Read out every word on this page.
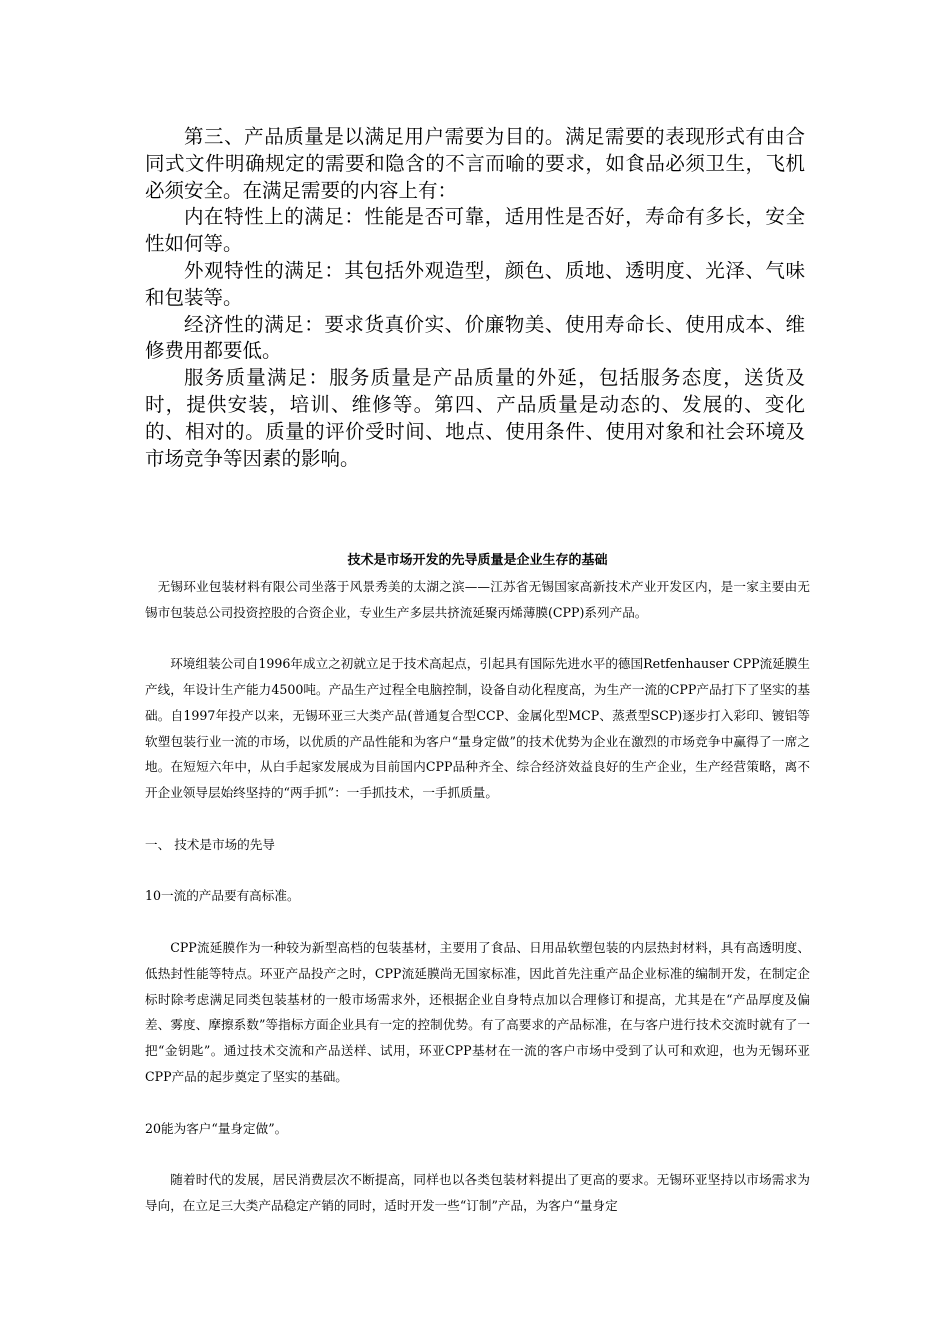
第三、产品质量是以满足用户需要为目的。满足需要的表现形式有由合同式文件明确规定的需要和隐含的不言而喻的要求，如食品必须卫生，飞机必须安全。在满足需要的内容上有：

内在特性上的满足：性能是否可靠，适用性是否好，寿命有多长，安全性如何等。

外观特性的满足：其包括外观造型，颜色、质地、透明度、光泽、气味和包装等。

经济性的满足：要求货真价实、价廉物美、使用寿命长、使用成本、维修费用都要低。

服务质量满足：服务质量是产品质量的外延，包括服务态度，送货及时，提供安装，培训、维修等。第四、产品质量是动态的、发展的、变化的、相对的。质量的评价受时间、地点、使用条件、使用对象和社会环境及市场竞争等因素的影响。

技术是市场开发的先导质量是企业生存的基础

无锡环业包装材料有限公司坐落于风景秀美的太湖之滨——江苏省无锡国家高新技术产业开发区内，是一家主要由无锡市包装总公司投资控股的合资企业，专业生产多层共挤流延聚丙烯薄膜(CPP)系列产品。

环境组装公司自1996年成立之初就立足于技术高起点，引起具有国际先进水平的德国Retfenhauser CPP流延膜生产线，年设计生产能力4500吨。产品生产过程全电脑控制，设备自动化程度高，为生产一流的CPP产品打下了坚实的基础。自1997年投产以来，无锡环亚三大类产品(普通复合型CCP、金属化型MCP、蒸煮型SCP)逐步打入彩印、镀铝等软塑包装行业一流的市场，以优质的产品性能和为客户“量身定做”的技术优势为企业在激烈的市场竞争中赢得了一席之地。在短短六年中，从白手起家发展成为目前国内CPP品种齐全、综合经济效益良好的生产企业，生产经营策略，离不开企业领导层始终坚持的“两手抓”：一手抓技术，一手抓质量。

一、 技术是市场的先导

10一流的产品要有高标准。

CPP流延膜作为一种较为新型高档的包装基材，主要用了食品、日用品软塑包装的内层热封材料，具有高透明度、低热封性能等特点。环亚产品投产之时，CPP流延膜尚无国家标准，因此首先注重产品企业标准的编制开发，在制定企标时除考虑满足同类包装基材的一般市场需求外，还根据企业自身特点加以合理修订和提高，尤其是在“产品厚度及偏差、雾度、摩擦系数”等指标方面企业具有一定的控制优势。有了高要求的产品标准，在与客户进行技术交流时就有了一把“金钥匙”。通过技术交流和产品送样、试用，环亚CPP基材在一流的客户市场中受到了认可和欢迎，也为无锡环亚CPP产品的起步奠定了坚实的基础。

20能为客户“量身定做”。

随着时代的发展，居民消费层次不断提高，同样也以各类包装材料提出了更高的要求。无锡环亚坚持以市场需求为导向，在立足三大类产品稳定产销的同时，适时开发一些“订制”产品，为客户“量身定
